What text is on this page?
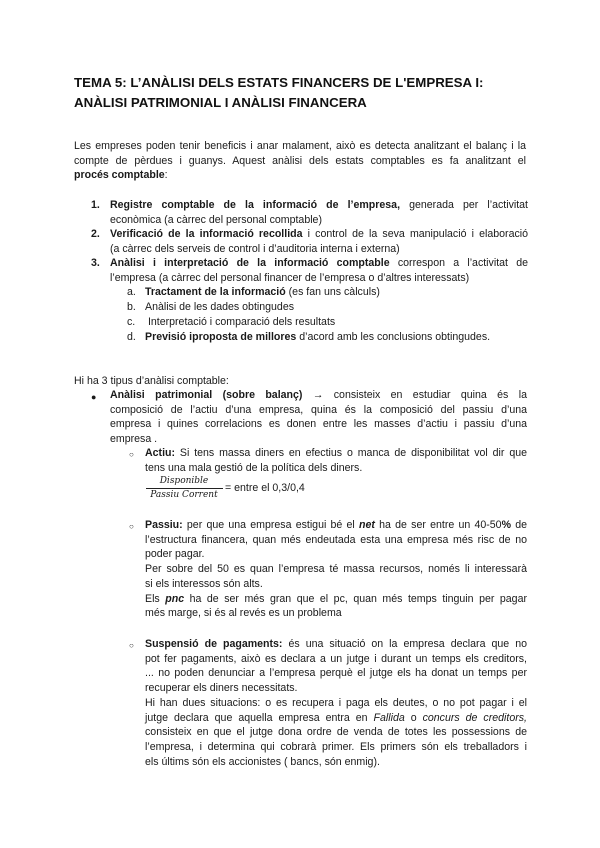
TEMA 5: L’ANÀLISI DELS ESTATS FINANCERS DE L'EMPRESA I:
ANÀLISI PATRIMONIAL I ANÀLISI FINANCERA
Les empreses poden tenir beneficis i anar malament, això es detecta analitzant el balanç i la
compte de pèrdues i guanys. Aquest anàlisi dels estats comptables es fa analitzant el
procés comptable:
1. Registre comptable de la informació de l’empresa, generada per l’activitat
econòmica (a càrrec del personal comptable)
2. Verificació de la informació recollida i control de la seva manipulació i elaboració
(a càrrec dels serveis de control i d’auditoria interna i externa)
3. Anàlisi i interpretació de la informació comptable correspon a l’activitat de
l’empresa (a càrrec del personal financer de l’empresa o d’altres interessats)
a. Tractament de la informació (es fan uns càlculs)
b. Anàlisi de les dades obtingudes
c. Interpretació i comparació dels resultats
d. Previsió iproposta de millores d’acord amb les conclusions obtingudes.
Hi ha 3 tipus d’anàlisi comptable:
● Anàlisi patrimonial (sobre balanç) → consisteix en estudiar quina és la
composició de l’actiu d’una empresa, quina és la composició del passiu d’una
empresa i quines correlacions es donen entre les masses d’actiu i passiu d’una
empresa .
○ Actiu: Si tens massa diners en efectius o manca de disponibilitat vol dir que
tens una mala gestió de la política dels diners.
Disponible
Passiu Corrent
= entre el 0,3/0,4
○ Passiu: per que una empresa estigui bé el net ha de ser entre un 40-50% de
l’estructura financera, quan més endeutada esta una empresa més risc de no
poder pagar.
Per sobre del 50 es quan l’empresa té massa recursos, només li interessarà
si els interessos són alts.
Els pnc ha de ser més gran que el pc, quan més temps tinguin per pagar
més marge, si és al revés es un problema
○ Suspensió de pagaments: és una situació on la empresa declara que no
pot fer pagaments, això es declara a un jutge i durant un temps els creditors,
... no poden denunciar a l’empresa perquè el jutge els ha donat un temps per
recuperar els diners necessitats.
Hi han dues situacions: o es recupera i paga els deutes, o no pot pagar i el
jutge declara que aquella empresa entra en Fallida o concurs de creditors,
consisteix en que el jutge dona ordre de venda de totes les possessions de
l’empresa, i determina qui cobrarà primer. Els primers són els treballadors i
els últims són els accionistes ( bancs, són enmig).
